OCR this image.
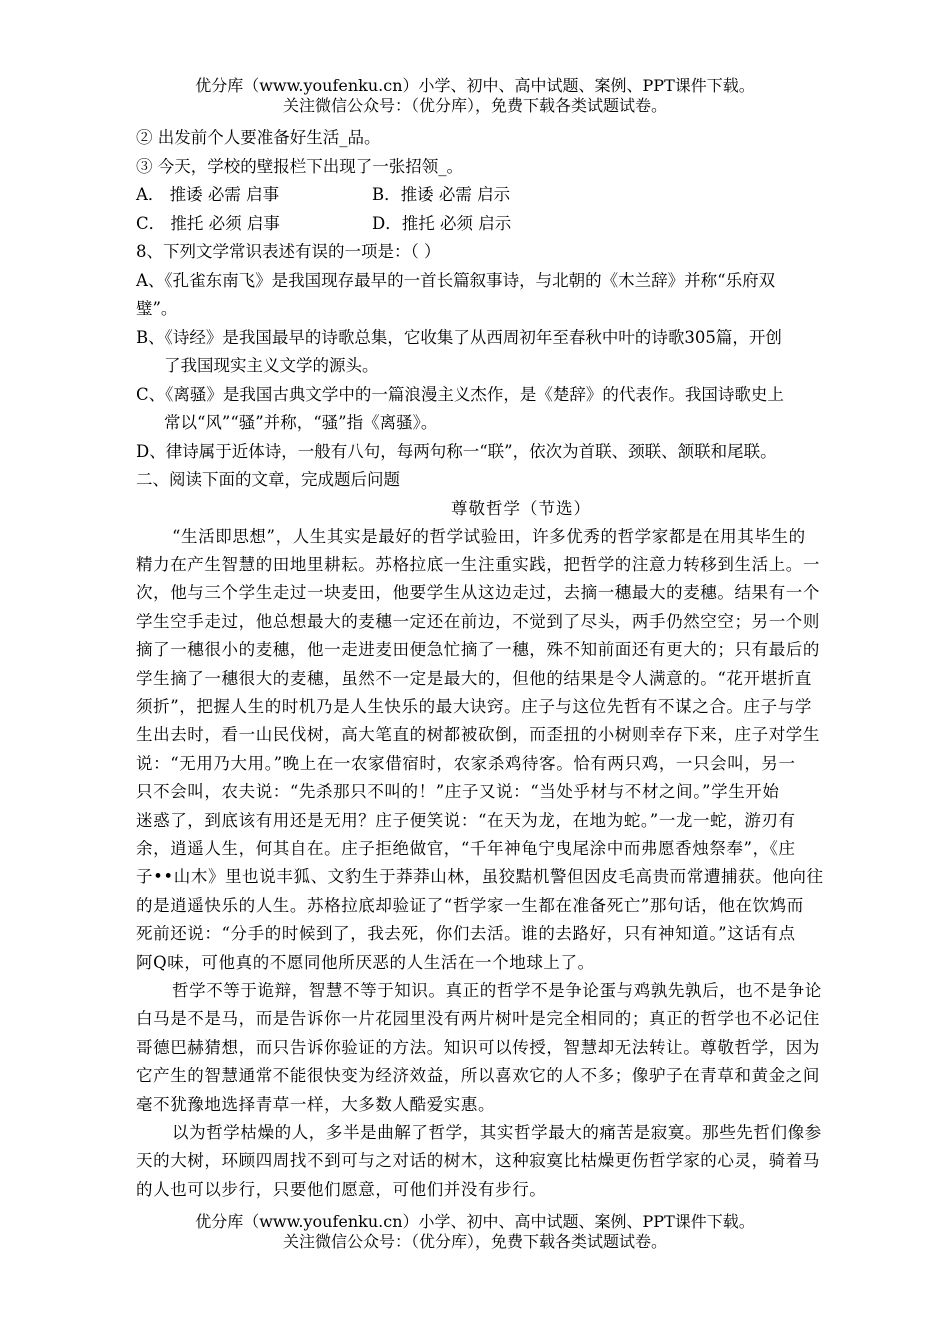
优分库（www.youfenku.cn）小学、初中、高中试题、案例、PPT课件下载。
关注微信公众号：（优分库），免费下载各类试题试卷。
② 出发前个人要准备好生活_品。
③ 今天，学校的壁报栏下出现了一张招领_。
A． 推诿 必需 启事	B．推诿 必需 启示
C． 推托 必须 启事	D．推托 必须 启示
8、下列文学常识表述有误的一项是：（ ）
A、《孔雀东南飞》是我国现存最早的一首长篇叙事诗，与北朝的《木兰辞》并称“乐府双
璧”。
B、《诗经》是我国最早的诗歌总集，它收集了从西周初年至春秋中叶的诗歌305篇，开创
了我国现实主义文学的源头。
C、《离骚》是我国古典文学中的一篇浪漫主义杰作，是《楚辞》的代表作。我国诗歌史上
常以“风”“骚”并称，“骚”指《离骚》。
D、律诗属于近体诗，一般有八句，每两句称一“联”，依次为首联、颈联、颔联和尾联。
二、阅读下面的文章，完成题后问题
尊敬哲学（节选）
“生活即思想”，人生其实是最好的哲学试验田，许多优秀的哲学家都是在用其毕生的
精力在产生智慧的田地里耕耘。苏格拉底一生注重实践，把哲学的注意力转移到生活上。一
次，他与三个学生走过一块麦田，他要学生从这边走过，去摘一穗最大的麦穗。结果有一个
学生空手走过，他总想最大的麦穗一定还在前边，不觉到了尽头，两手仍然空空；另一个则
摘了一穗很小的麦穗，他一走进麦田便急忙摘了一穗，殊不知前面还有更大的；只有最后的
学生摘了一穗很大的麦穗，虽然不一定是最大的，但他的结果是令人满意的。“花开堪折直
须折”，把握人生的时机乃是人生快乐的最大诀窍。庄子与这位先哲有不谋之合。庄子与学
生出去时，看一山民伐树，高大笔直的树都被砍倒，而歪扭的小树则幸存下来，庄子对学生
说：“无用乃大用。”晚上在一农家借宿时，农家杀鸡待客。恰有两只鸡，一只会叫，另一
只不会叫，农夫说：“先杀那只不叫的！”庄子又说：“当处乎材与不材之间。”学生开始
迷惑了，到底该有用还是无用？庄子便笑说：“在天为龙，在地为蛇。”一龙一蛇，游刃有
余，逍遥人生，何其自在。庄子拒绝做官，“千年神龟宁曳尾涂中而弗愿香烛祭奉”，《庄
子••山木》里也说丰狐、文豹生于莽莽山林，虽狡黠机警但因皮毛高贵而常遭捕获。他向往
的是逍遥快乐的人生。苏格拉底却验证了“哲学家一生都在准备死亡”那句话，他在饮鸩而
死前还说：“分手的时候到了，我去死，你们去活。谁的去路好，只有神知道。”这话有点
阿Q味，可他真的不愿同他所厌恶的人生活在一个地球上了。
哲学不等于诡辩，智慧不等于知识。真正的哲学不是争论蛋与鸡孰先孰后，也不是争论
白马是不是马，而是告诉你一片花园里没有两片树叶是完全相同的；真正的哲学也不必记住
哥德巴赫猜想，而只告诉你验证的方法。知识可以传授，智慧却无法转让。尊敬哲学，因为
它产生的智慧通常不能很快变为经济效益，所以喜欢它的人不多；像驴子在青草和黄金之间
毫不犹豫地选择青草一样，大多数人酷爱实惠。
以为哲学枯燥的人，多半是曲解了哲学，其实哲学最大的痛苦是寂寞。那些先哲们像参
天的大树，环顾四周找不到可与之对话的树木，这种寂寞比枯燥更伤哲学家的心灵，骑着马
的人也可以步行，只要他们愿意，可他们并没有步行。
优分库（www.youfenku.cn）小学、初中、高中试题、案例、PPT课件下载。
关注微信公众号：（优分库），免费下载各类试题试卷。
